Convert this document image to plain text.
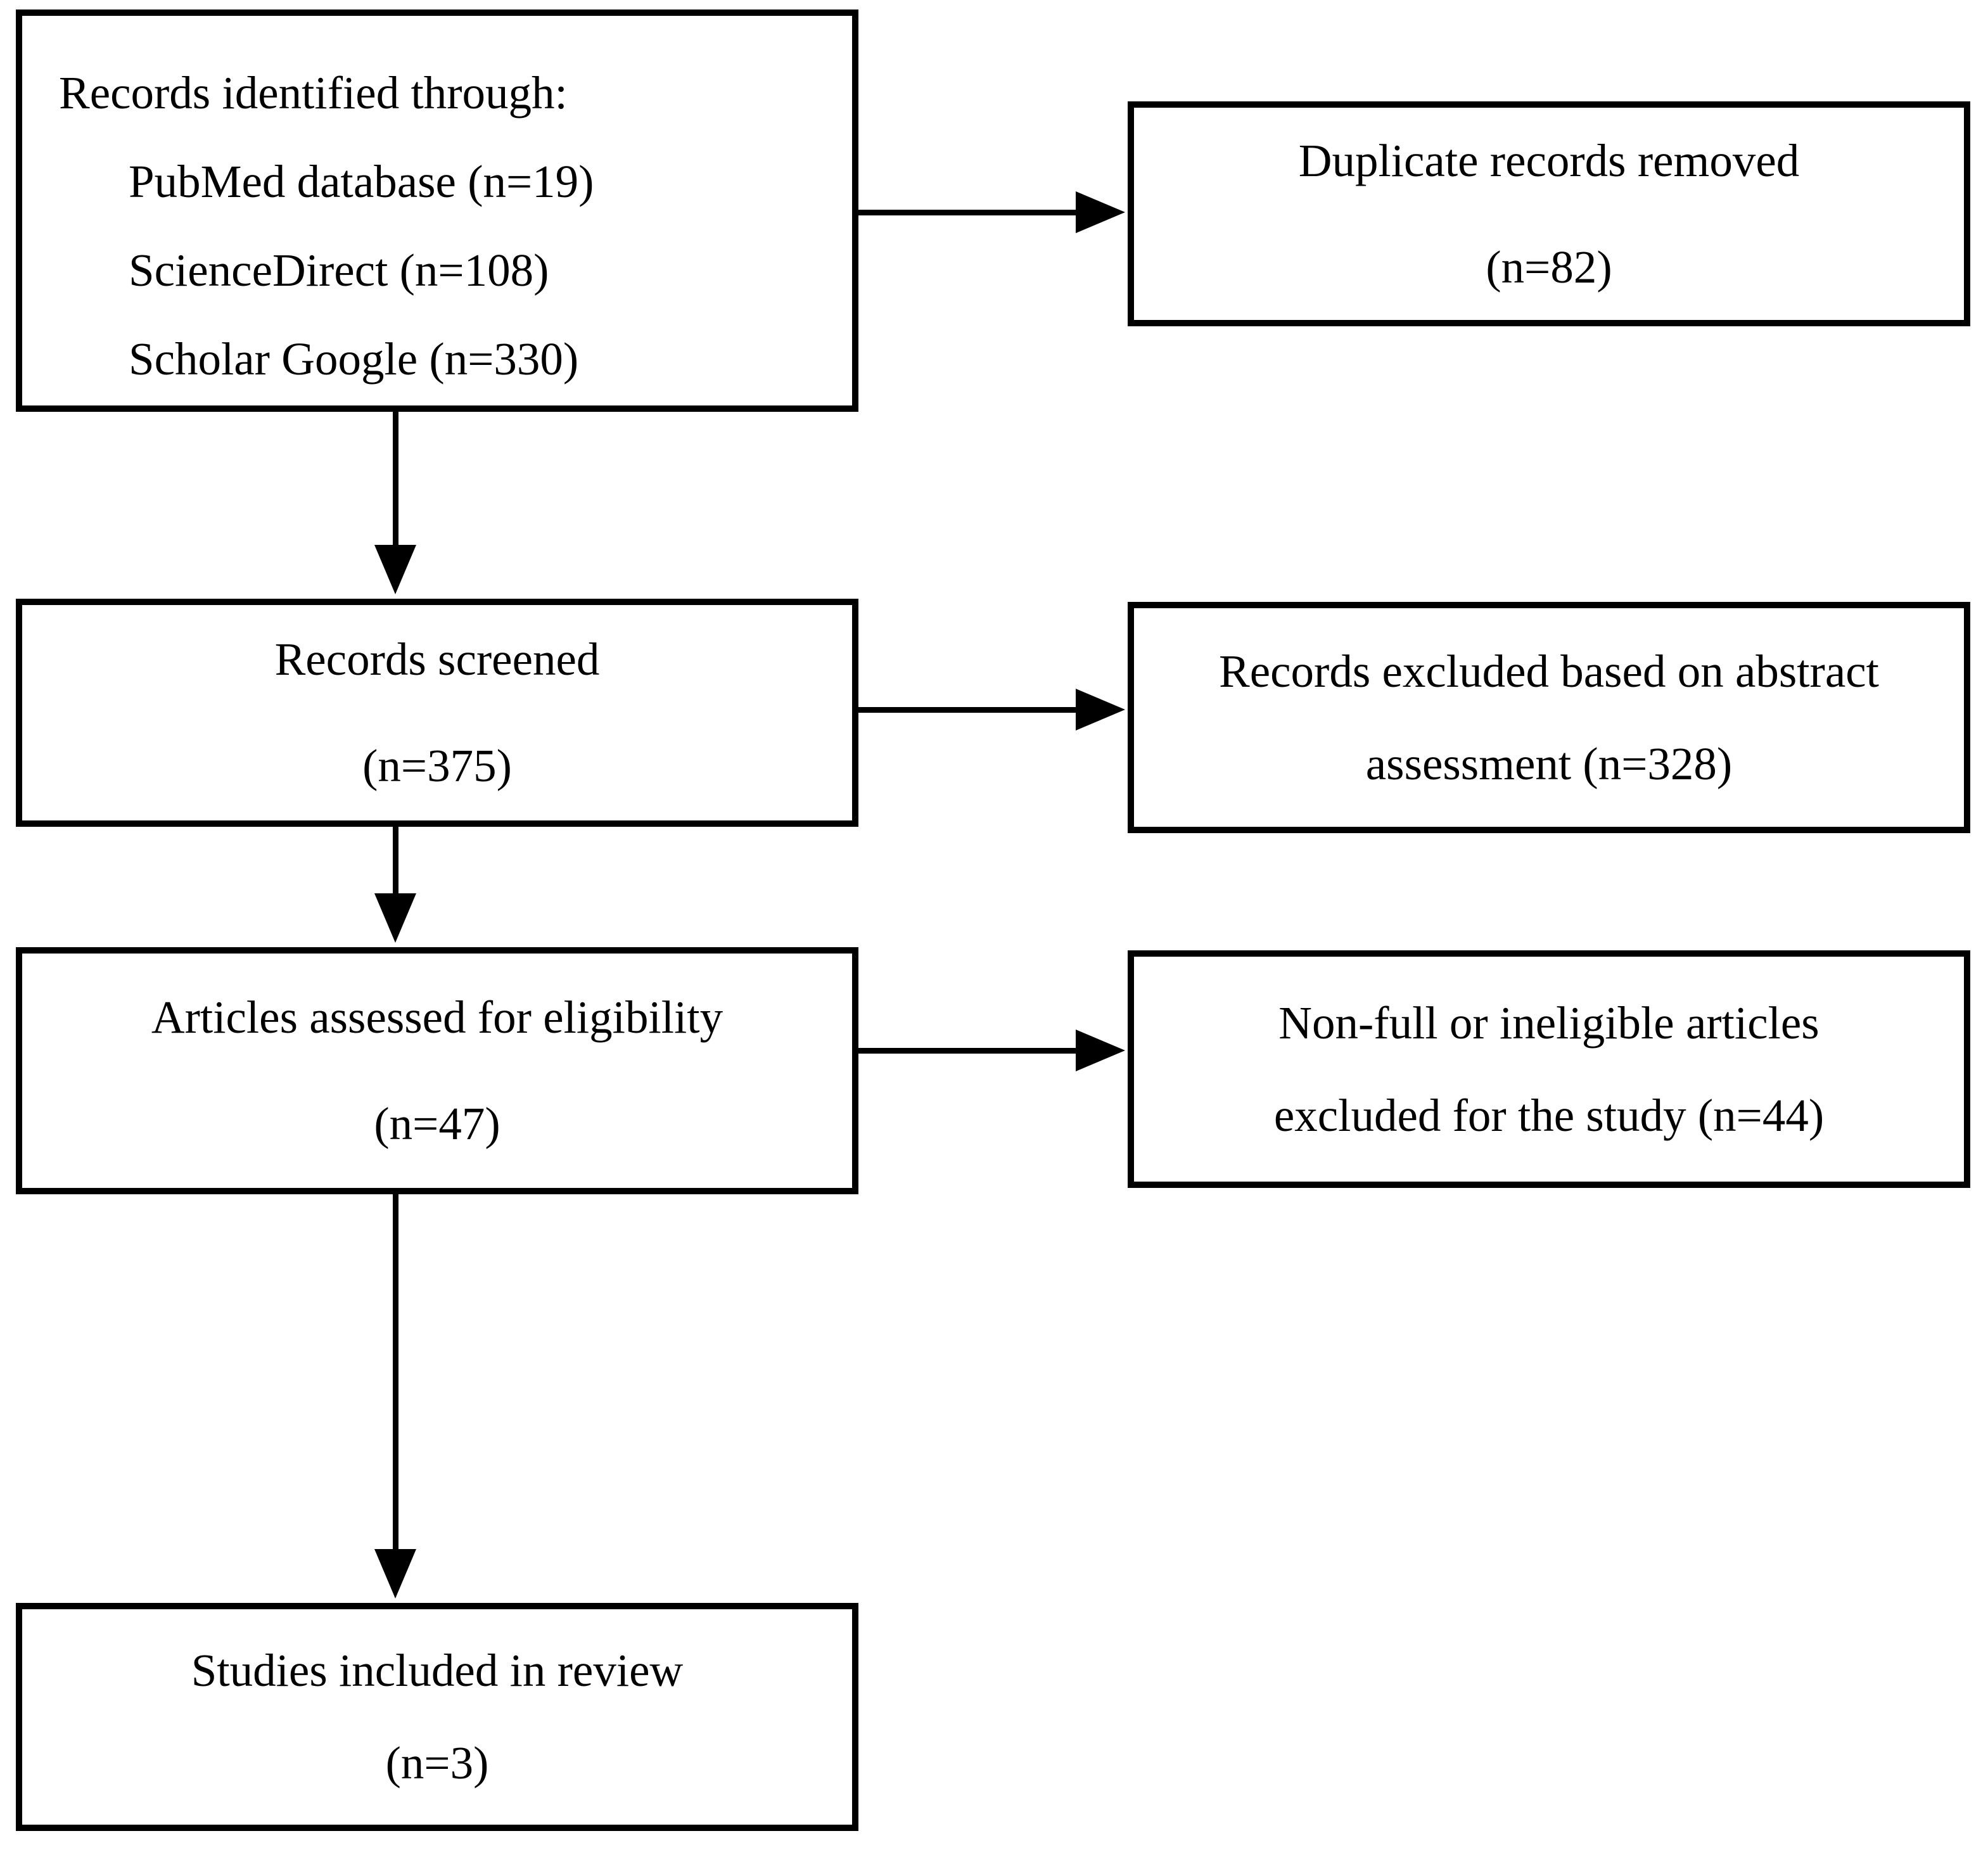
Records identified through:

PubMed database (n=19)

ScienceDirect (n=108)

Scholar Google (n=330)

Duplicate records removed

(n=82)

Records screened

(n=375)

Records excluded based on abstract

assessment (n=328)

Articles assessed for eligibility

(n=47)

Non-full or ineligible articles

excluded for the study (n=44)

Studies included in review

(n=3)
